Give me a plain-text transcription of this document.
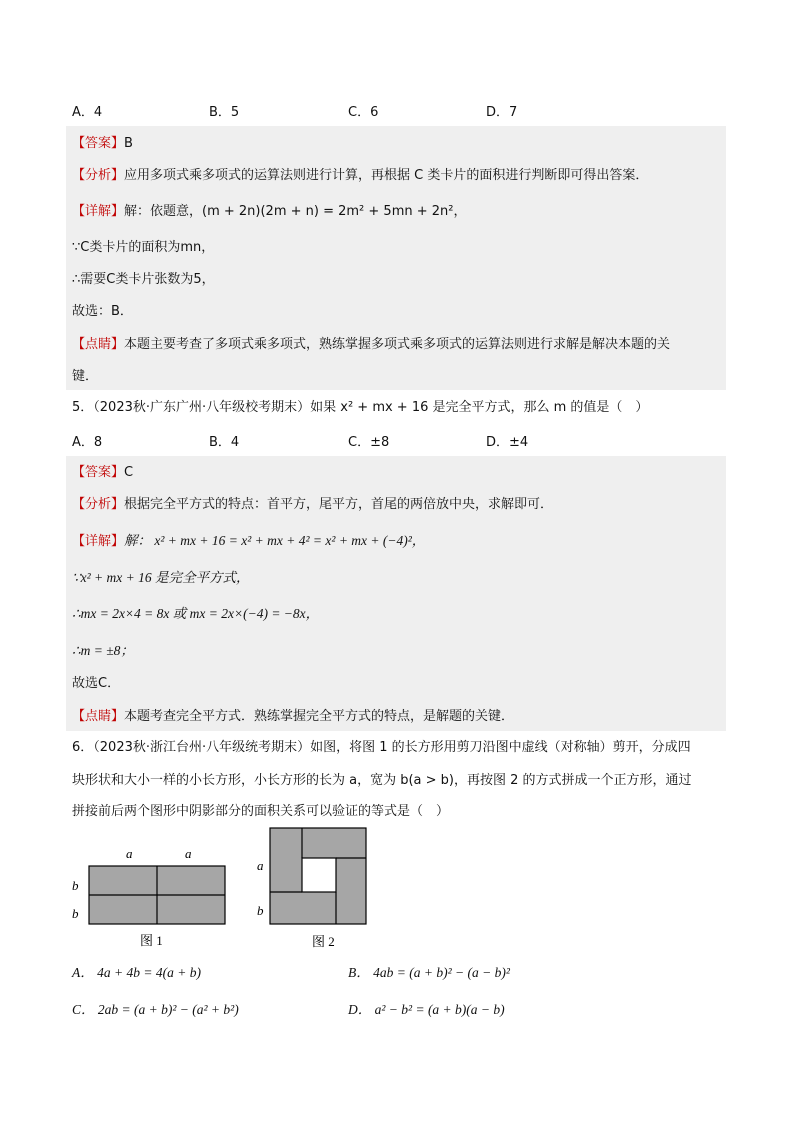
A．4	B．5	C．6	D．7
【答案】B
【分析】应用多项式乘多项式的运算法则进行计算，再根据 C 类卡片的面积进行判断即可得出答案．
【详解】解：依题意，(m + 2n)(2m + n) = 2m² + 5mn + 2n²，
∵C类卡片的面积为mn，
∴需要C类卡片张数为5，
故选：B．
【点睛】本题主要考查了多项式乘多项式，熟练掌握多项式乘多项式的运算法则进行求解是解决本题的关
键．
5．（2023秋·广东广州·八年级校考期末）如果 x² + mx + 16 是完全平方式，那么 m 的值是（　）
A．8	B．4	C．±8	D．±4
【答案】C
【分析】根据完全平方式的特点：首平方，尾平方，首尾的两倍放中央，求解即可．
【详解】解： x² + mx + 16 = x² + mx + 4² = x² + mx + (−4)²，
∵x² + mx + 16 是完全平方式，
∴mx = 2x×4 = 8x 或 mx = 2x×(−4) = −8x，
∴m = ±8；
故选C．
【点睛】本题考查完全平方式．熟练掌握完全平方式的特点，是解题的关键．
6．（2023秋·浙江台州·八年级统考期末）如图，将图 1 的长方形用剪刀沿图中虚线（对称轴）剪开，分成四
块形状和大小一样的小长方形，小长方形的长为 a，宽为 b(a > b)，再按图 2 的方式拼成一个正方形，通过
拼接前后两个图形中阴影部分的面积关系可以验证的等式是（　）
a	a
b
b
图 1
a
b
图 2
A． 4a + 4b = 4(a + b)	B． 4ab = (a + b)² − (a − b)²
C． 2ab = (a + b)² − (a² + b²)	D． a² − b² = (a + b)(a − b)
